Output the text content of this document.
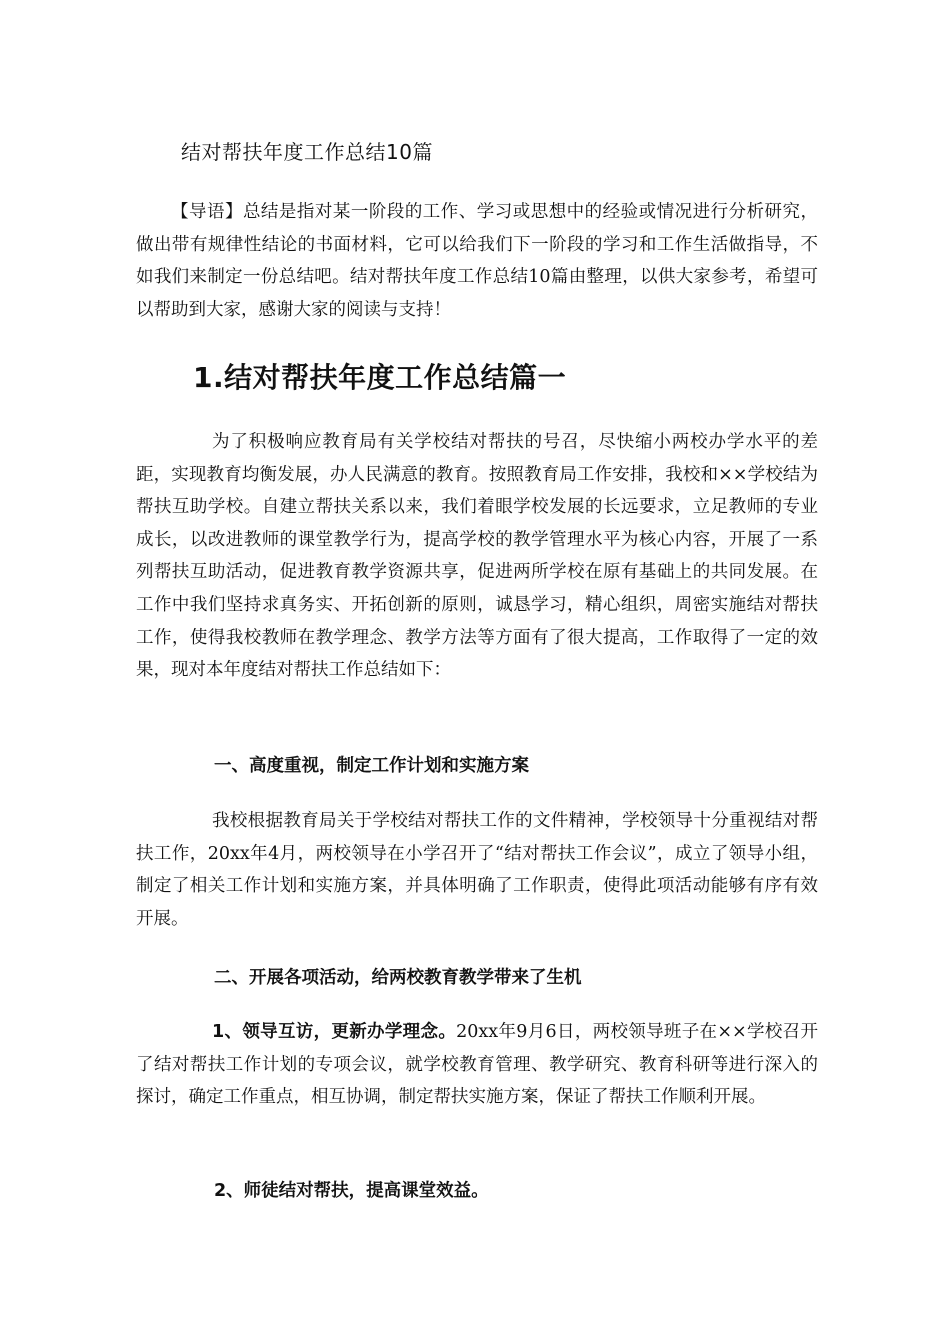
结对帮扶年度工作总结10篇

【导语】总结是指对某一阶段的工作、学习或思想中的经验或情况进行分析研究，做出带有规律性结论的书面材料，它可以给我们下一阶段的学习和工作生活做指导，不如我们来制定一份总结吧。结对帮扶年度工作总结10篇由整理，以供大家参考，希望可以帮助到大家，感谢大家的阅读与支持！

1.结对帮扶年度工作总结篇一

为了积极响应教育局有关学校结对帮扶的号召，尽快缩小两校办学水平的差距，实现教育均衡发展，办人民满意的教育。按照教育局工作安排，我校和××学校结为帮扶互助学校。自建立帮扶关系以来，我们着眼学校发展的长远要求，立足教师的专业成长，以改进教师的课堂教学行为，提高学校的教学管理水平为核心内容，开展了一系列帮扶互助活动，促进教育教学资源共享，促进两所学校在原有基础上的共同发展。在工作中我们坚持求真务实、开拓创新的原则，诚恳学习，精心组织，周密实施结对帮扶工作，使得我校教师在教学理念、教学方法等方面有了很大提高，工作取得了一定的效果，现对本年度结对帮扶工作总结如下：

一、高度重视，制定工作计划和实施方案

我校根据教育局关于学校结对帮扶工作的文件精神，学校领导十分重视结对帮扶工作，20xx年4月，两校领导在小学召开了“结对帮扶工作会议”，成立了领导小组，制定了相关工作计划和实施方案，并具体明确了工作职责，使得此项活动能够有序有效开展。

二、开展各项活动，给两校教育教学带来了生机

1、领导互访，更新办学理念。20xx年9月6日，两校领导班子在××学校召开了结对帮扶工作计划的专项会议，就学校教育管理、教学研究、教育科研等进行深入的探讨，确定工作重点，相互协调，制定帮扶实施方案，保证了帮扶工作顺利开展。

2、师徒结对帮扶，提高课堂效益。
